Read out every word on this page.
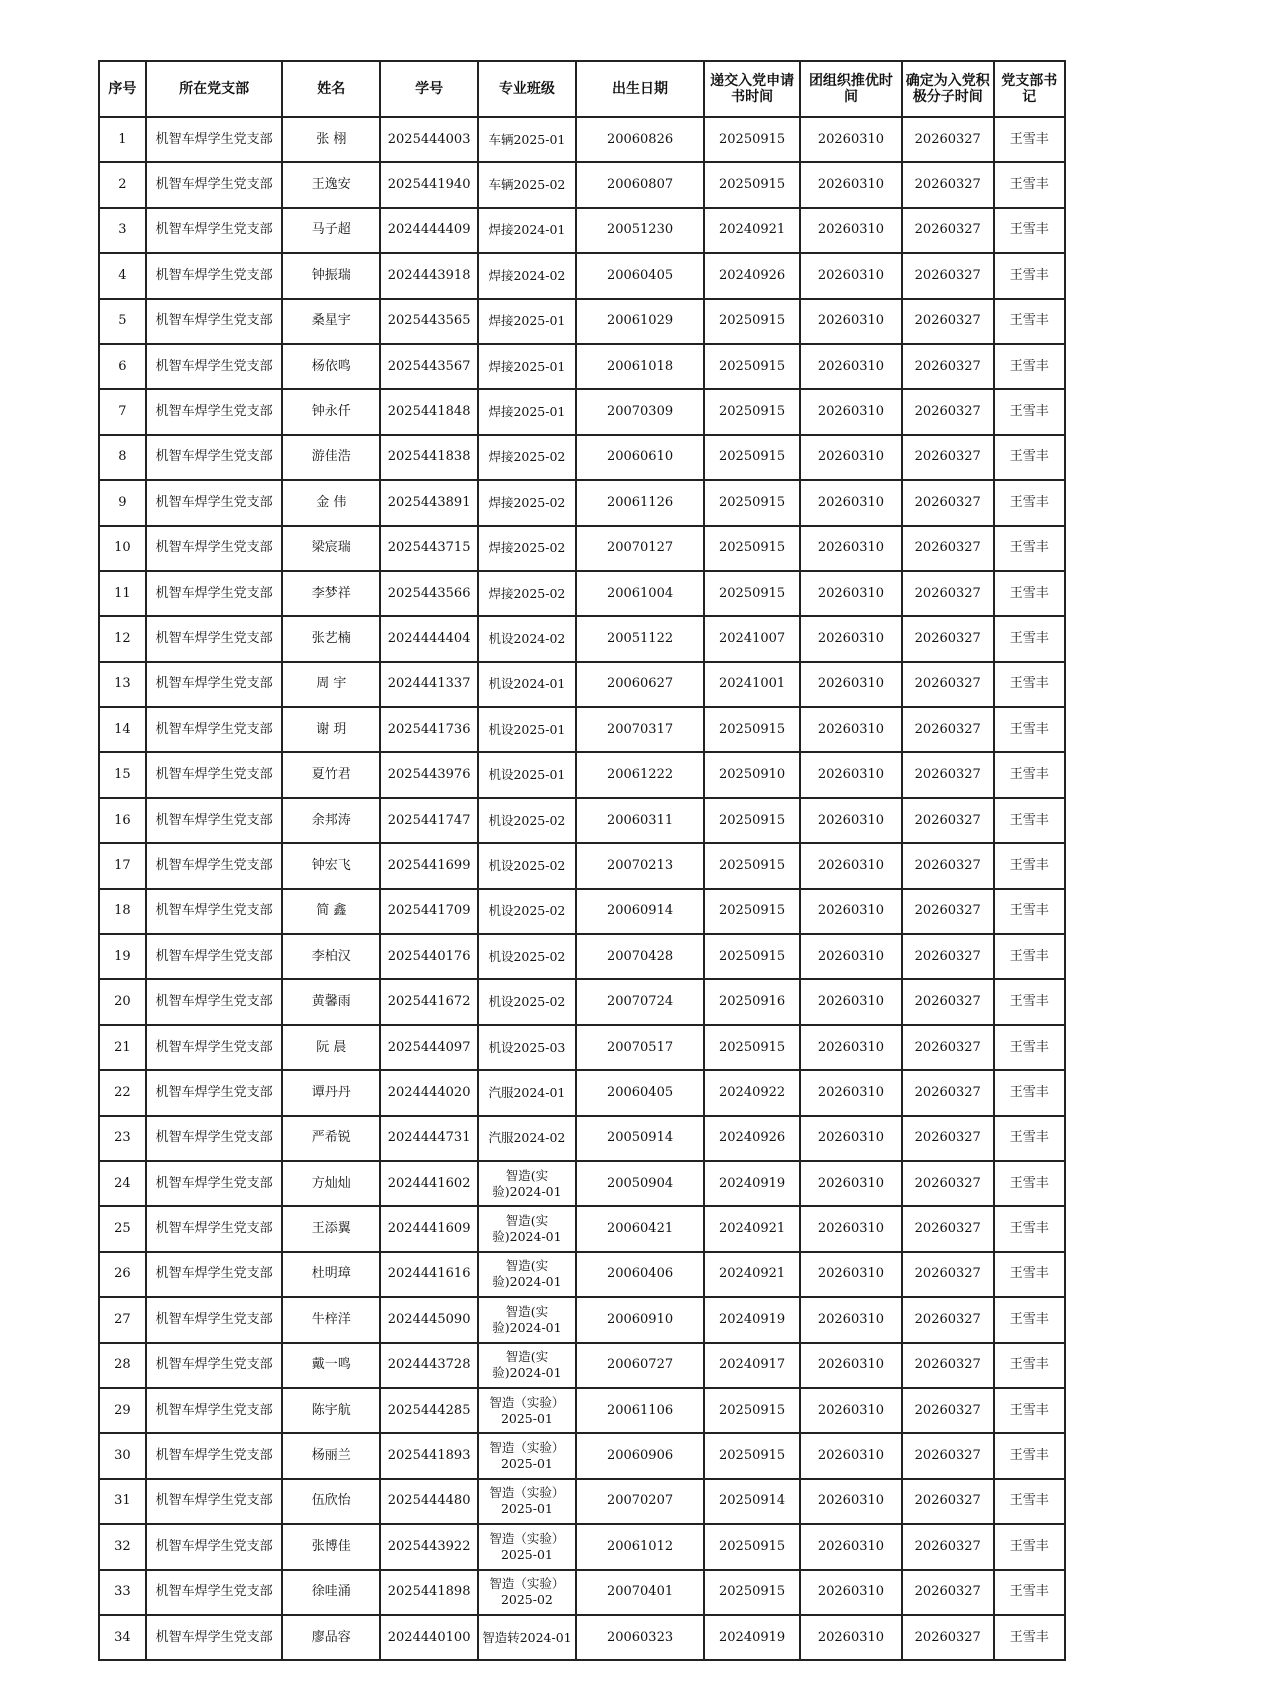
序号	所在党支部	姓名	学号	专业班级	出生日期	递交入党申请书时间	团组织推优时间	确定为入党积极分子时间	党支部书记
1	机智车焊学生党支部	张 栩	2025444003	车辆2025-01	20060826	20250915	20260310	20260327	王雪丰
2	机智车焊学生党支部	王逸安	2025441940	车辆2025-02	20060807	20250915	20260310	20260327	王雪丰
3	机智车焊学生党支部	马子超	2024444409	焊接2024-01	20051230	20240921	20260310	20260327	王雪丰
4	机智车焊学生党支部	钟振瑞	2024443918	焊接2024-02	20060405	20240926	20260310	20260327	王雪丰
5	机智车焊学生党支部	桑星宇	2025443565	焊接2025-01	20061029	20250915	20260310	20260327	王雪丰
6	机智车焊学生党支部	杨依鸣	2025443567	焊接2025-01	20061018	20250915	20260310	20260327	王雪丰
7	机智车焊学生党支部	钟永仟	2025441848	焊接2025-01	20070309	20250915	20260310	20260327	王雪丰
8	机智车焊学生党支部	游佳浩	2025441838	焊接2025-02	20060610	20250915	20260310	20260327	王雪丰
9	机智车焊学生党支部	金 伟	2025443891	焊接2025-02	20061126	20250915	20260310	20260327	王雪丰
10	机智车焊学生党支部	梁宸瑞	2025443715	焊接2025-02	20070127	20250915	20260310	20260327	王雪丰
11	机智车焊学生党支部	李梦祥	2025443566	焊接2025-02	20061004	20250915	20260310	20260327	王雪丰
12	机智车焊学生党支部	张艺楠	2024444404	机设2024-02	20051122	20241007	20260310	20260327	王雪丰
13	机智车焊学生党支部	周 宇	2024441337	机设2024-01	20060627	20241001	20260310	20260327	王雪丰
14	机智车焊学生党支部	谢 玥	2025441736	机设2025-01	20070317	20250915	20260310	20260327	王雪丰
15	机智车焊学生党支部	夏竹君	2025443976	机设2025-01	20061222	20250910	20260310	20260327	王雪丰
16	机智车焊学生党支部	余邦涛	2025441747	机设2025-02	20060311	20250915	20260310	20260327	王雪丰
17	机智车焊学生党支部	钟宏飞	2025441699	机设2025-02	20070213	20250915	20260310	20260327	王雪丰
18	机智车焊学生党支部	简 鑫	2025441709	机设2025-02	20060914	20250915	20260310	20260327	王雪丰
19	机智车焊学生党支部	李柏汉	2025440176	机设2025-02	20070428	20250915	20260310	20260327	王雪丰
20	机智车焊学生党支部	黄馨雨	2025441672	机设2025-02	20070724	20250916	20260310	20260327	王雪丰
21	机智车焊学生党支部	阮 晨	2025444097	机设2025-03	20070517	20250915	20260310	20260327	王雪丰
22	机智车焊学生党支部	谭丹丹	2024444020	汽服2024-01	20060405	20240922	20260310	20260327	王雪丰
23	机智车焊学生党支部	严希锐	2024444731	汽服2024-02	20050914	20240926	20260310	20260327	王雪丰
24	机智车焊学生党支部	方灿灿	2024441602	智造(实验)2024-01	20050904	20240919	20260310	20260327	王雪丰
25	机智车焊学生党支部	王添翼	2024441609	智造(实验)2024-01	20060421	20240921	20260310	20260327	王雪丰
26	机智车焊学生党支部	杜明璋	2024441616	智造(实验)2024-01	20060406	20240921	20260310	20260327	王雪丰
27	机智车焊学生党支部	牛梓洋	2024445090	智造(实验)2024-01	20060910	20240919	20260310	20260327	王雪丰
28	机智车焊学生党支部	戴一鸣	2024443728	智造(实验)2024-01	20060727	20240917	20260310	20260327	王雪丰
29	机智车焊学生党支部	陈宇航	2025444285	智造（实验）2025-01	20061106	20250915	20260310	20260327	王雪丰
30	机智车焊学生党支部	杨丽兰	2025441893	智造（实验）2025-01	20060906	20250915	20260310	20260327	王雪丰
31	机智车焊学生党支部	伍欣怡	2025444480	智造（实验）2025-01	20070207	20250914	20260310	20260327	王雪丰
32	机智车焊学生党支部	张博佳	2025443922	智造（实验）2025-01	20061012	20250915	20260310	20260327	王雪丰
33	机智车焊学生党支部	徐哇涌	2025441898	智造（实验）2025-02	20070401	20250915	20260310	20260327	王雪丰
34	机智车焊学生党支部	廖品容	2024440100	智造转2024-01	20060323	20240919	20260310	20260327	王雪丰
